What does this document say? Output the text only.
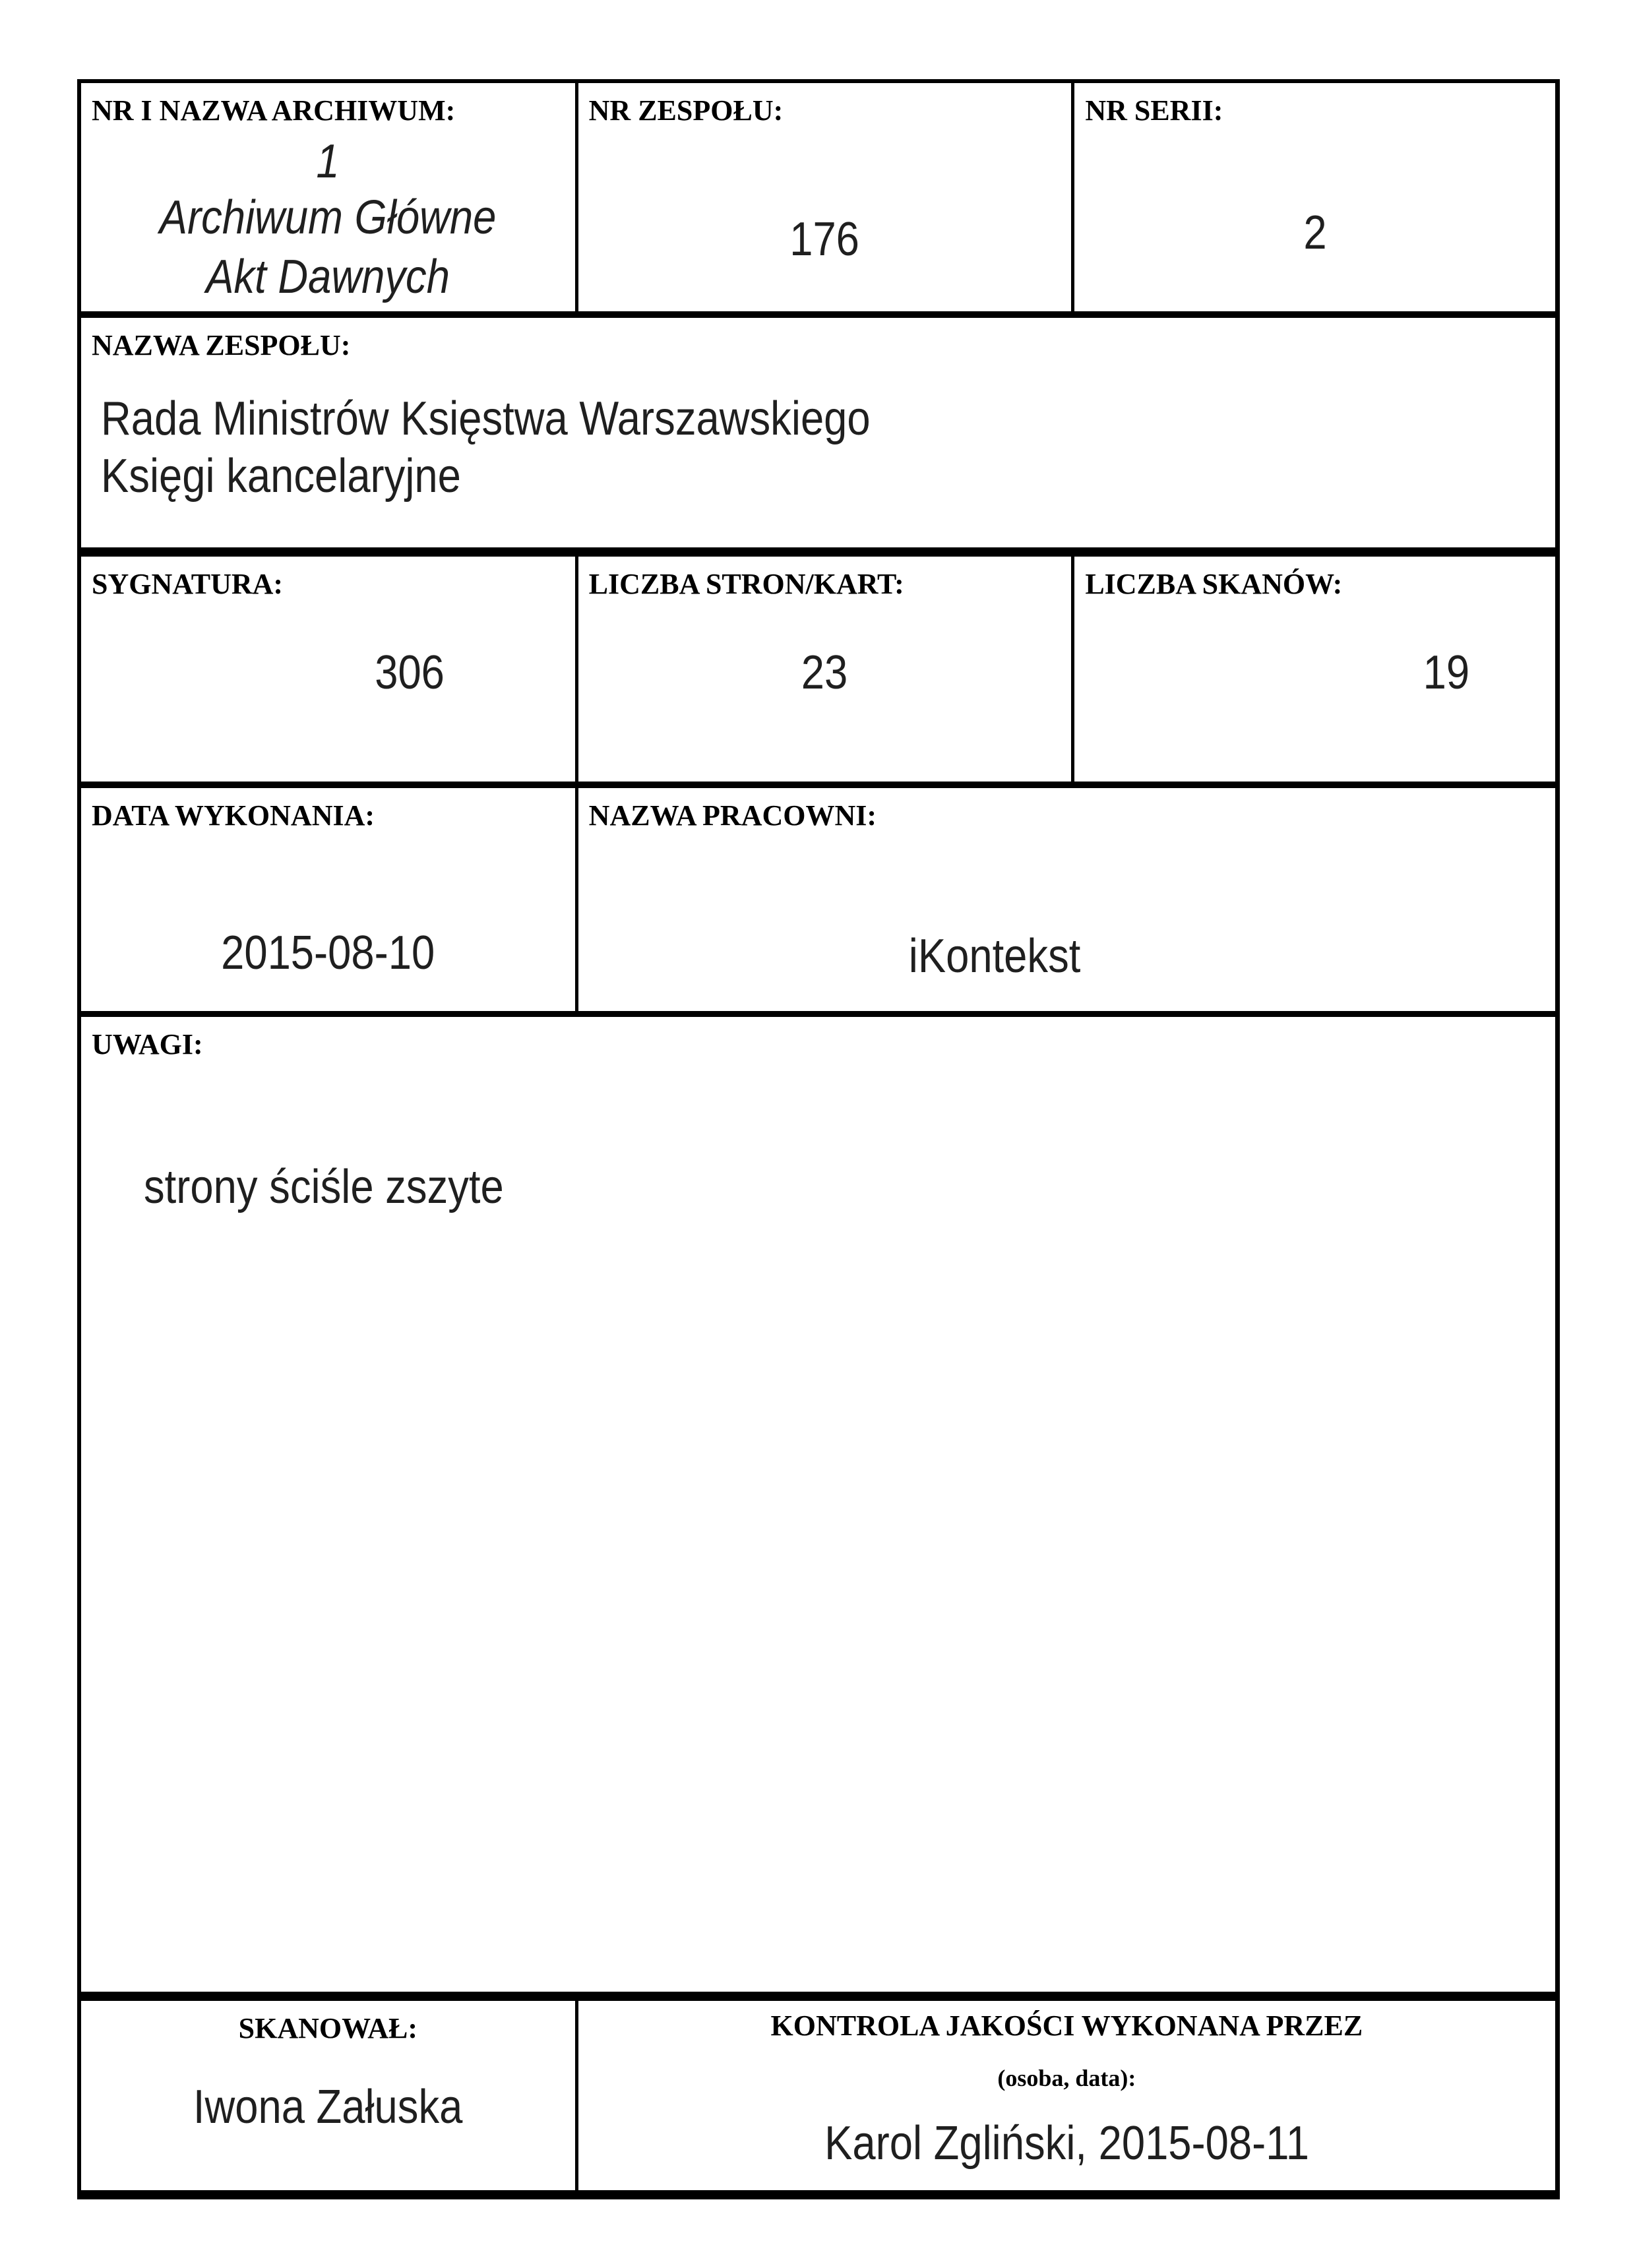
NR I NAZWA ARCHIWUM:
1
Archiwum Główne
Akt Dawnych
NR ZESPOŁU:
176
NR SERII:
2
NAZWA ZESPOŁU:
Rada Ministrów Księstwa Warszawskiego
Księgi kancelaryjne
SYGNATURA:
306
LICZBA STRON/KART:
23
LICZBA SKANÓW:
19
DATA WYKONANIA:
2015-08-10
NAZWA PRACOWNI:
iKontekst
UWAGI:
strony ściśle zszyte
SKANOWAŁ:
Iwona Załuska
KONTROLA JAKOŚCI WYKONANA PRZEZ
(osoba, data):
Karol Zgliński, 2015-08-11
